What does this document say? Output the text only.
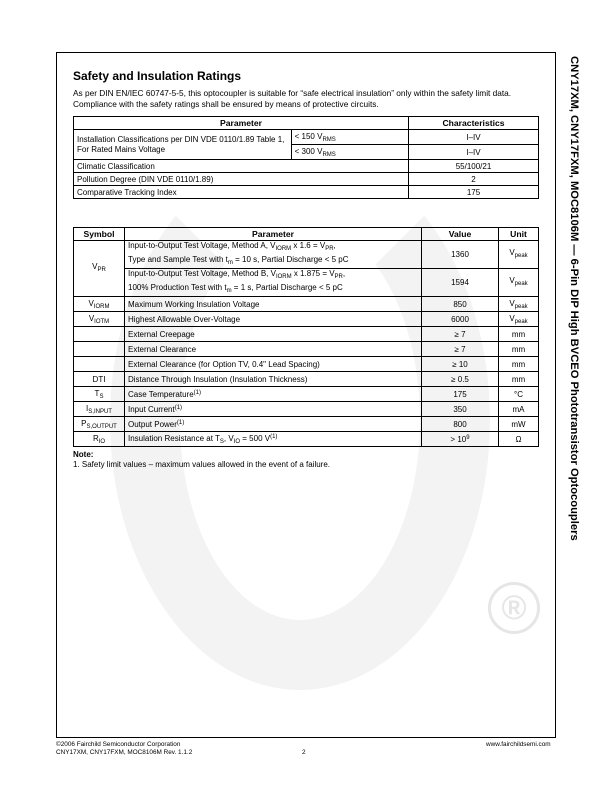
®
CNY17XM, CNY17FXM, MOC8106M — 6-Pin DIP High BVCEO Phototransistor Optocouplers
Safety and Insulation Ratings
As per DIN EN/IEC 60747-5-5, this optocoupler is suitable for “safe electrical insulation” only within the safety limit data. Compliance with the safety ratings shall be ensured by means of protective circuits.
Parameter		Characteristics
Installation Classifications per DIN VDE 0110/1.89 Table 1, For Rated Mains Voltage	< 150 $V_{RMS}$	I–IV
	< 300 $V_{RMS}$	I–IV
Climatic Classification		55/100/21
Pollution Degree (DIN VDE 0110/1.89)		2
Comparative Tracking Index		175
Symbol	Parameter	Value	Unit
$V_{PR}$	Input-to-Output Test Voltage, Method A, $V_{IORM}$ x $1.6 = V_{PR}$,
Type and Sample Test with $t_m = 10$ s, Partial Discharge < 5 pC	1360	$V_{peak}$
	Input-to-Output Test Voltage, Method B, $V_{IORM}$ x $1.875 = V_{PR}$,
100% Production Test with $t_m = 1$ s, Partial Discharge < 5 pC	1594	$V_{peak}$
$V_{IORM}$	Maximum Working Insulation Voltage	850	$V_{peak}$
$V_{IOTM}$	Highest Allowable Over-Voltage	6000	$V_{peak}$
	External Creepage	≥ 7	mm
	External Clearance	≥ 7	mm
	External Clearance (for Option TV, 0.4" Lead Spacing)	≥ 10	mm
DTI	Distance Through Insulation (Insulation Thickness)	≥ 0.5	mm
$T_S$	Case Temperature$^{(1)}$	175	°C
$I_{S,INPUT}$	Input Current$^{(1)}$	350	mA
$P_{S,OUTPUT}$	Output Power$^{(1)}$	800	mW
$R_{IO}$	Insulation Resistance at $T_S$, $V_{IO} = 500$ $V^{(1)}$	> $10^9$	Ω
Note:
1. Safety limit values – maximum values allowed in the event of a failure.
©2006 Fairchild Semiconductor Corporation
CNY17XM, CNY17FXM, MOC8106M Rev. 1.1.2	2
www.fairchildsemi.com
